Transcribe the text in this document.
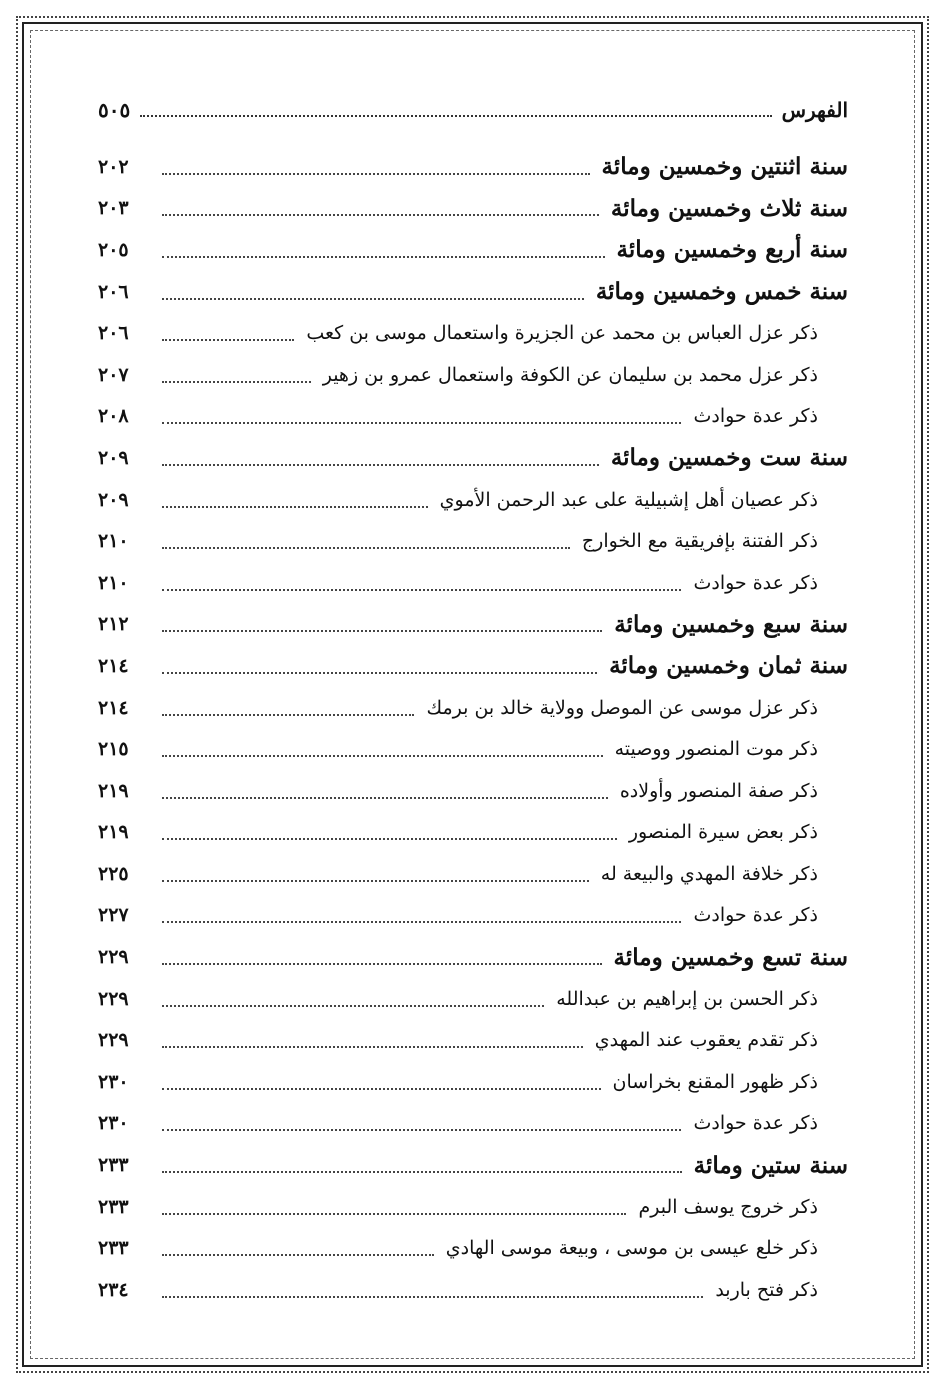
الفهرس
٥٠٥
سنة اثنتين وخمسين ومائة
٢٠٢
سنة ثلاث وخمسين ومائة
٢٠٣
سنة أربع وخمسين ومائة
٢٠٥
سنة خمس وخمسين ومائة
٢٠٦
ذكر عزل العباس بن محمد عن الجزيرة واستعمال موسى بن كعب
٢٠٦
ذكر عزل محمد بن سليمان عن الكوفة واستعمال عمرو بن زهير
٢٠٧
ذكر عدة حوادث
٢٠٨
سنة ست وخمسين ومائة
٢٠٩
ذكر عصيان أهل إشبيلية على عبد الرحمن الأموي
٢٠٩
ذكر الفتنة بإفريقية مع الخوارج
٢١٠
ذكر عدة حوادث
٢١٠
سنة سبع وخمسين ومائة
٢١٢
سنة ثمان وخمسين ومائة
٢١٤
ذكر عزل موسى عن الموصل وولاية خالد بن برمك
٢١٤
ذكر موت المنصور ووصيته
٢١٥
ذكر صفة المنصور وأولاده
٢١٩
ذكر بعض سيرة المنصور
٢١٩
ذكر خلافة المهدي والبيعة له
٢٢٥
ذكر عدة حوادث
٢٢٧
سنة تسع وخمسين ومائة
٢٢٩
ذكر الحسن بن إبراهيم بن عبدالله
٢٢٩
ذكر تقدم يعقوب عند المهدي
٢٢٩
ذكر ظهور المقنع بخراسان
٢٣٠
ذكر عدة حوادث
٢٣٠
سنة ستين ومائة
٢٣٣
ذكر خروج يوسف البرم
٢٣٣
ذكر خلع عيسى بن موسى ، وبيعة موسى الهادي
٢٣٣
ذكر فتح باربد
٢٣٤
